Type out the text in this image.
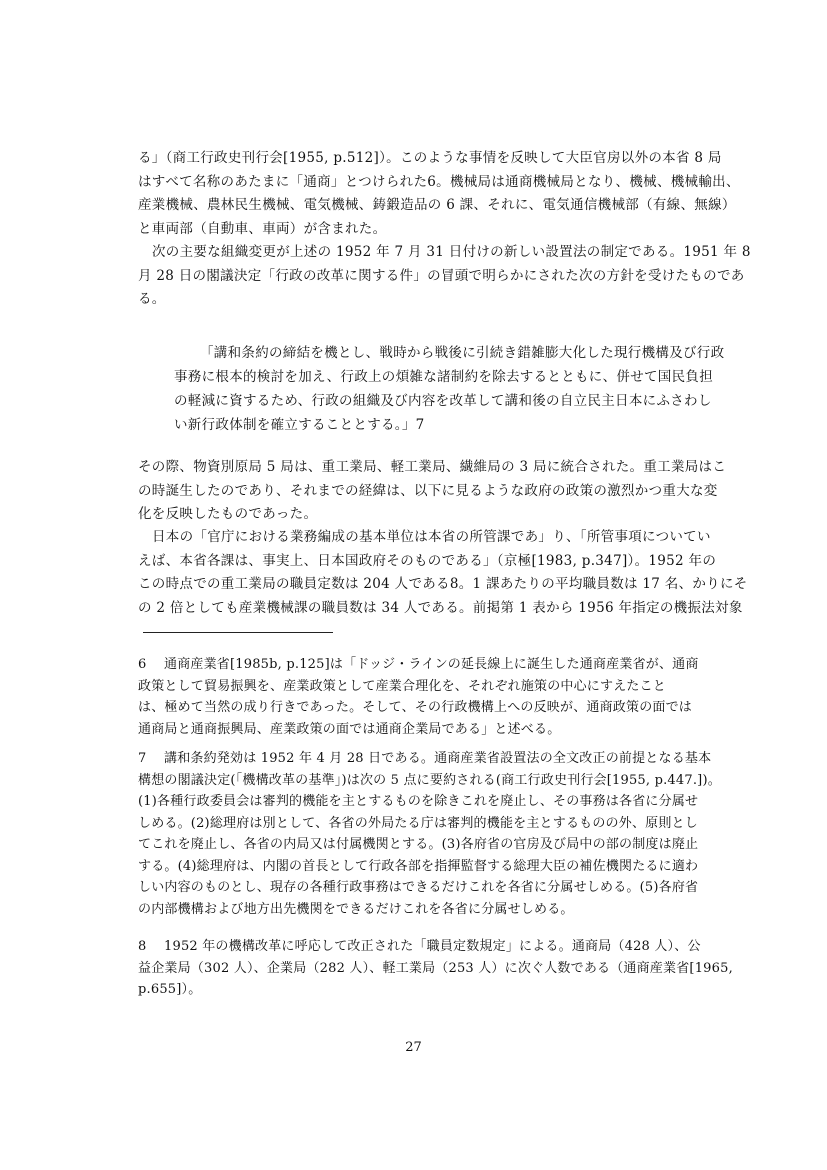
る」（商工行政史刊行会[1955, p.512]）。このような事情を反映して大臣官房以外の本省 8 局
はすべて名称のあたまに「通商」とつけられた6。機械局は通商機械局となり、機械、機械輸出、
産業機械、農林民生機械、電気機械、鋳鍛造品の 6 課、それに、電気通信機械部（有線、無線）
と車両部（自動車、車両）が含まれた。
次の主要な組織変更が上述の 1952 年 7 月 31 日付けの新しい設置法の制定である。1951 年 8
月 28 日の閣議決定「行政の改革に関する件」の冒頭で明らかにされた次の方針を受けたものであ
る。
「講和条約の締結を機とし、戦時から戦後に引続き錯雑膨大化した現行機構及び行政
事務に根本的検討を加え、行政上の煩雑な諸制約を除去するとともに、併せて国民負担
の軽減に資するため、行政の組織及び内容を改革して講和後の自立民主日本にふさわし
い新行政体制を確立することとする。」7
その際、物資別原局 5 局は、重工業局、軽工業局、繊維局の 3 局に統合された。重工業局はこ
の時誕生したのであり、それまでの経緯は、以下に見るような政府の政策の激烈かつ重大な変
化を反映したものであった。
日本の「官庁における業務編成の基本単位は本省の所管課であ」り、「所管事項についてい
えば、本省各課は、事実上、日本国政府そのものである」（京極[1983, p.347]）。1952 年の
この時点での重工業局の職員定数は 204 人である8。1 課あたりの平均職員数は 17 名、かりにそ
の 2 倍としても産業機械課の職員数は 34 人である。前掲第 1 表から 1956 年指定の機振法対象
6 通商産業省[1985b, p.125]は「ドッジ・ラインの延長線上に誕生した通商産業省が、通商
政策として貿易振興を、産業政策として産業合理化を、それぞれ施策の中心にすえたこと
は、極めて当然の成り行きであった。そして、その行政機構上への反映が、通商政策の面では
通商局と通商振興局、産業政策の面では通商企業局である」と述べる。
7 講和条約発効は 1952 年 4 月 28 日である。通商産業省設置法の全文改正の前提となる基本
構想の閣議決定(「機構改革の基準」)は次の 5 点に要約される(商工行政史刊行会[1955, p.447.])。
(1)各種行政委員会は審判的機能を主とするものを除きこれを廃止し、その事務は各省に分属せ
しめる。(2)総理府は別として、各省の外局たる庁は審判的機能を主とするものの外、原則とし
てこれを廃止し、各省の内局又は付属機関とする。(3)各府省の官房及び局中の部の制度は廃止
する。(4)総理府は、内閣の首長として行政各部を指揮監督する総理大臣の補佐機関たるに適わ
しい内容のものとし、現存の各種行政事務はできるだけこれを各省に分属せしめる。(5)各府省
の内部機構および地方出先機関をできるだけこれを各省に分属せしめる。
8 1952 年の機構改革に呼応して改正された「職員定数規定」による。通商局（428 人）、公
益企業局（302 人）、企業局（282 人）、軽工業局（253 人）に次ぐ人数である（通商産業省[1965,
p.655]）。
27
